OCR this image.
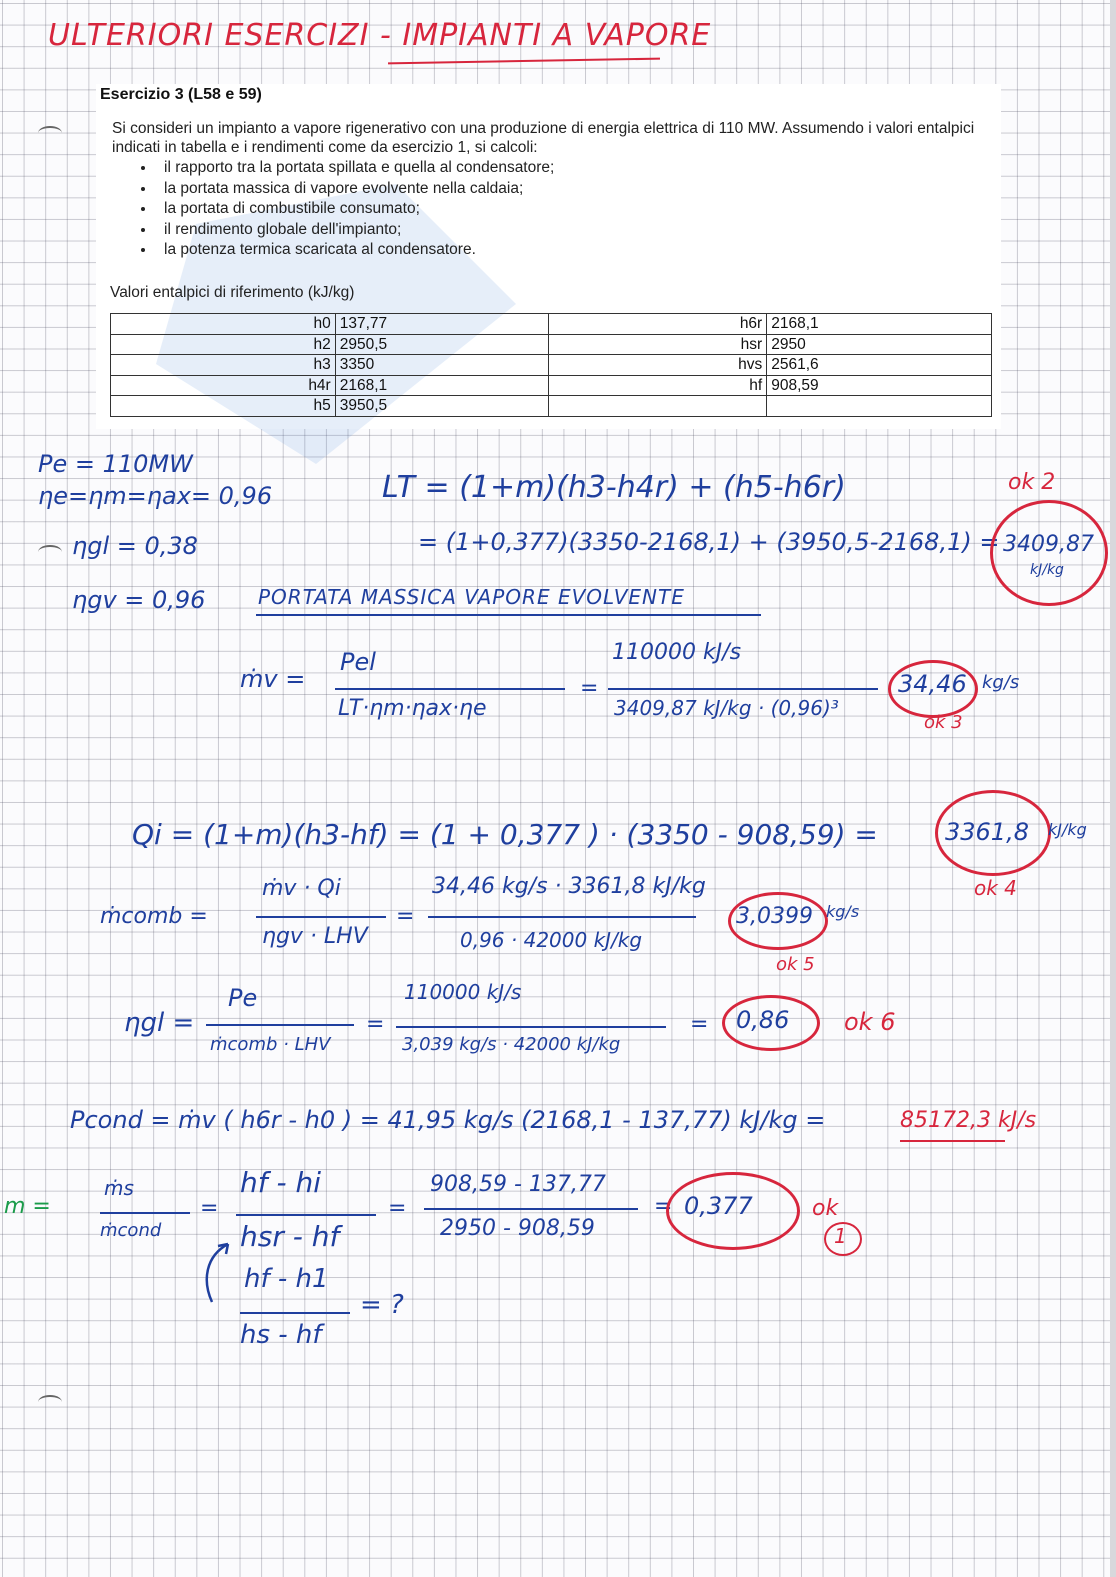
ULTERIORI ESERCIZI - IMPIANTI A VAPORE
Esercizio 3 (L58 e 59)
Si consideri un impianto a vapore rigenerativo con una produzione di energia elettrica di 110 MW. Assumendo i valori entalpici indicati in tabella e i rendimenti come da esercizio 1, si calcoli:
• il rapporto tra la portata spillata e quella al condensatore;
• la portata massica di vapore evolvente nella caldaia;
• la portata di combustibile consumato;
• il rendimento globale dell'impianto;
• la potenza termica scaricata al condensatore.
Valori entalpici di riferimento (kJ/kg)
h0	137,77	h6r	2168,1
h2	2950,5	hsr	2950
h3	3350	hvs	2561,6
h4r	2168,1	hf	908,59
h5	3950,5		
Pe = 110MW
ηe=ηm=ηax= 0,96
ηgl = 0,38
ηgv = 0,96
LT = (1+m)(h3-h4r) + (h5-h6r)
= (1+0,377)(3350-2168,1) + (3950,5-2168,1) = 3409,87
kJ/kg
ok 2
PORTATA MASSICA VAPORE EVOLVENTE
ṁv =
Pel
LT·ηm·ηax·ηe
=
110000 kJ/s
3409,87 kJ/kg · (0,96)³
34,46 kg/s
ok 3
Qi = (1+m)(h3-hf) = (1 + 0,377 ) · (3350 - 908,59) =	3361,8 kJ/kg
ok 4
ṁcomb =
ṁv · Qi
ηgv · LHV
=
34,46 kg/s · 3361,8 kJ/kg
0,96 · 42000 kJ/kg
3,0399 kg/s
ok 5
ηgl =
Pe
ṁcomb · LHV
=
110000 kJ/s
3,039 kg/s · 42000 kJ/kg
= 0,86 ok 6
Pcond = ṁv ( h6r - h0 ) = 41,95 kg/s (2168,1 - 137,77) kJ/kg =	85172,3 kJ/s
m =
ṁs
ṁcond
=
hf - hi
hsr - hf
=
908,59 - 137,77
2950 - 908,59
= 0,377	ok
1
hf - h1
hs - hf
= ?
